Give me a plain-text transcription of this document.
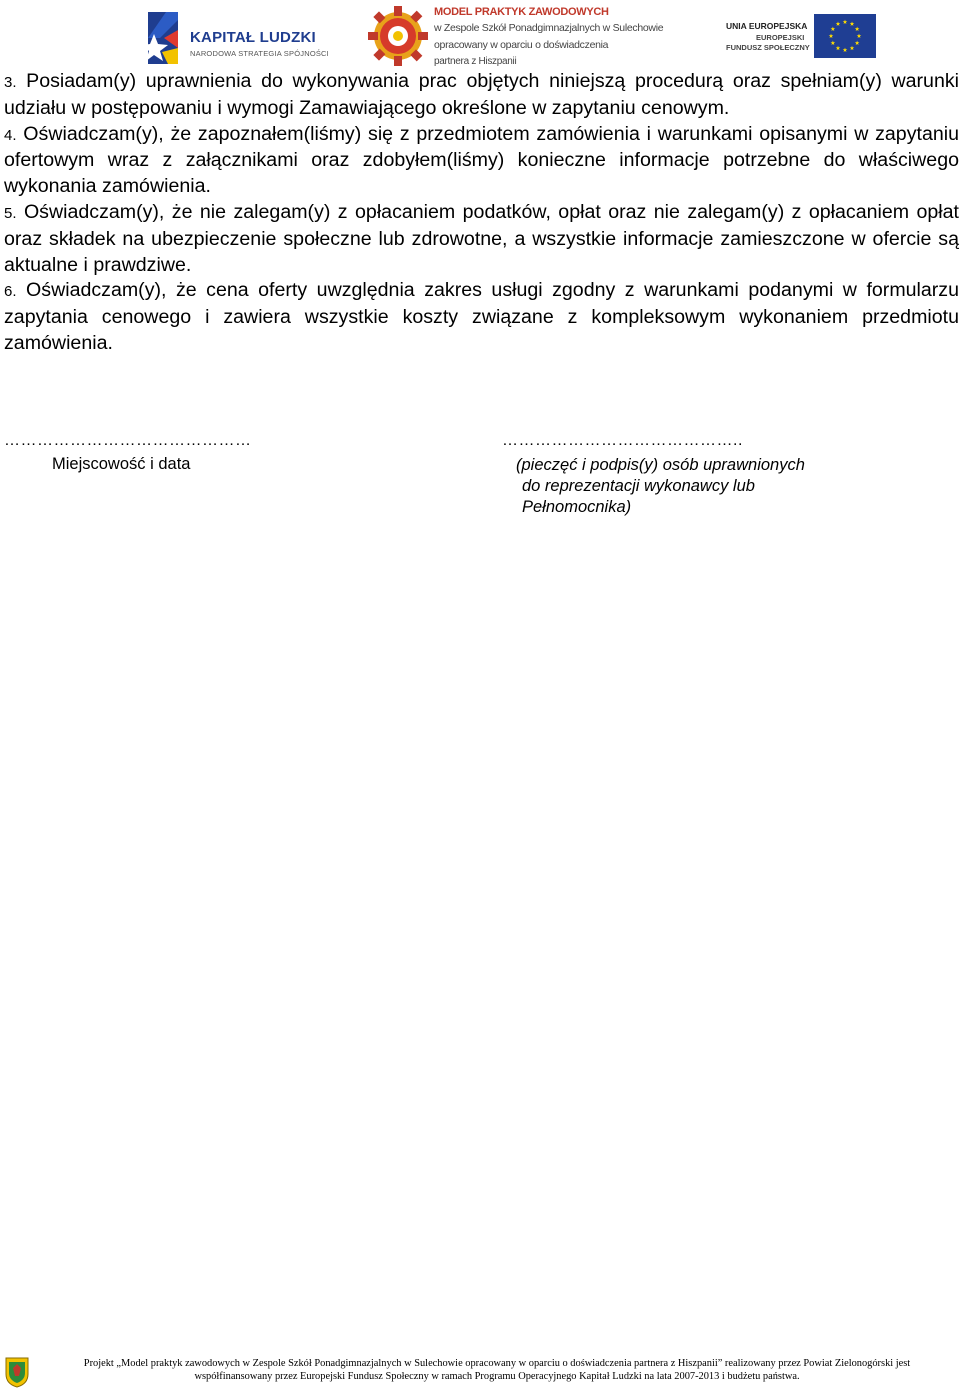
KAPITAŁ LUDZKI
NARODOWA STRATEGIA SPÓJNOŚCI
MODEL PRAKTYK ZAWODOWYCH
w Zespole Szkół Ponadgimnazjalnych w Sulechowie
opracowany w oparciu o doświadczenia
partnera z Hiszpanii
UNIA EUROPEJSKA
EUROPEJSKI
FUNDUSZ SPOŁECZNY

3. Posiadam(y) uprawnienia do wykonywania prac objętych niniejszą procedurą oraz spełniam(y) warunki udziału w postępowaniu i wymogi Zamawiającego określone w zapytaniu cenowym.

4. Oświadczam(y), że zapoznałem(liśmy) się z przedmiotem zamówienia i warunkami opisanymi w zapytaniu ofertowym wraz z załącznikami oraz zdobyłem(liśmy) konieczne informacje potrzebne do właściwego wykonania zamówienia.

5. Oświadczam(y), że nie zalegam(y) z opłacaniem podatków, opłat oraz nie zalegam(y) z opłacaniem opłat oraz składek na ubezpieczenie społeczne lub zdrowotne, a wszystkie informacje zamieszczone w ofercie są aktualne i prawdziwe.

6. Oświadczam(y), że cena oferty uwzględnia zakres usługi zgodny z warunkami podanymi w formularzu zapytania cenowego i zawiera wszystkie koszty związane z kompleksowym wykonaniem przedmiotu zamówienia.

………………………………………
Miejscowość i data
……………………………………..
(pieczęć i podpis(y) osób uprawnionych
do reprezentacji wykonawcy lub
Pełnomocnika)
Projekt „Model praktyk zawodowych w Zespole Szkół Ponadgimnazjalnych w Sulechowie opracowany w oparciu o doświadczenia partnera z Hiszpanii” realizowany przez Powiat Zielonogórski jest
współfinansowany przez Europejski Fundusz Społeczny w ramach Programu Operacyjnego Kapitał Ludzki na lata 2007-2013 i budżetu państwa.
